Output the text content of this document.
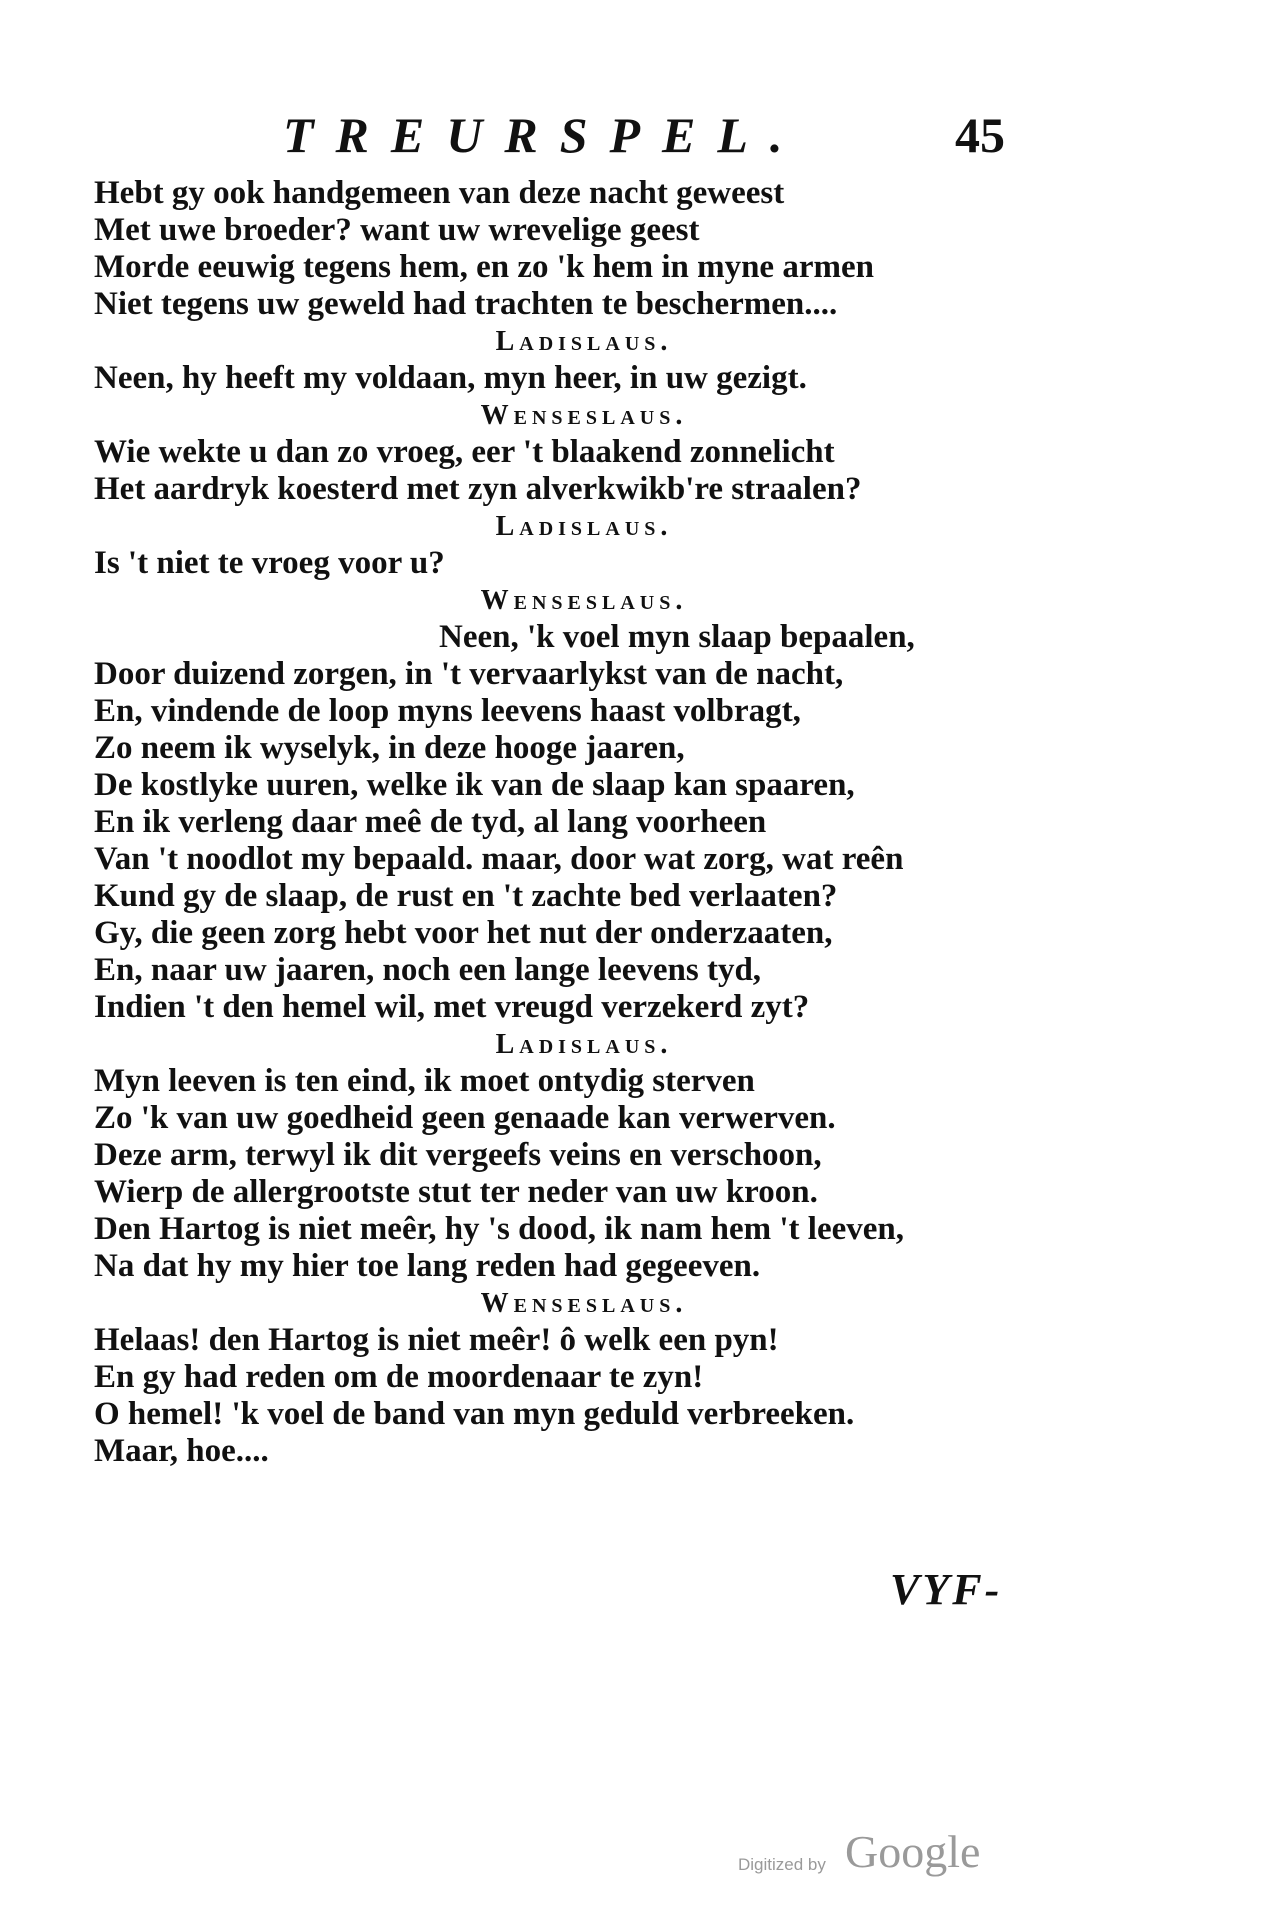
TREURSPEL.	45
Hebt gy ook handgemeen van deze nacht geweest
Met uwe broeder? want uw wrevelige geest
Morde eeuwig tegens hem, en zo 'k hem in myne armen
Niet tegens uw geweld had trachten te beschermen....
Ladislaus.
Neen, hy heeft my voldaan, myn heer, in uw gezigt.
Wenseslaus.
Wie wekte u dan zo vroeg, eer 't blaakend zonnelicht
Het aardryk koesterd met zyn alverkwikb're straalen?
Ladislaus.
Is 't niet te vroeg voor u?
Wenseslaus.
Neen, 'k voel myn slaap bepaalen,
Door duizend zorgen, in 't vervaarlykst van de nacht,
En, vindende de loop myns leevens haast volbragt,
Zo neem ik wyselyk, in deze hooge jaaren,
De kostlyke uuren, welke ik van de slaap kan spaaren,
En ik verleng daar meê de tyd, al lang voorheen
Van 't noodlot my bepaald. maar, door wat zorg, wat reên
Kund gy de slaap, de rust en 't zachte bed verlaaten?
Gy, die geen zorg hebt voor het nut der onderzaaten,
En, naar uw jaaren, noch een lange leevens tyd,
Indien 't den hemel wil, met vreugd verzekerd zyt?
Ladislaus.
Myn leeven is ten eind, ik moet ontydig sterven
Zo 'k van uw goedheid geen genaade kan verwerven.
Deze arm, terwyl ik dit vergeefs veins en verschoon,
Wierp de allergrootste stut ter neder van uw kroon.
Den Hartog is niet meêr, hy 's dood, ik nam hem 't leeven,
Na dat hy my hier toe lang reden had gegeeven.
Wenseslaus.
Helaas! den Hartog is niet meêr! ô welk een pyn!
En gy had reden om de moordenaar te zyn!
O hemel! 'k voel de band van myn geduld verbreeken.
Maar, hoe....
VYF-
Digitized by Google
